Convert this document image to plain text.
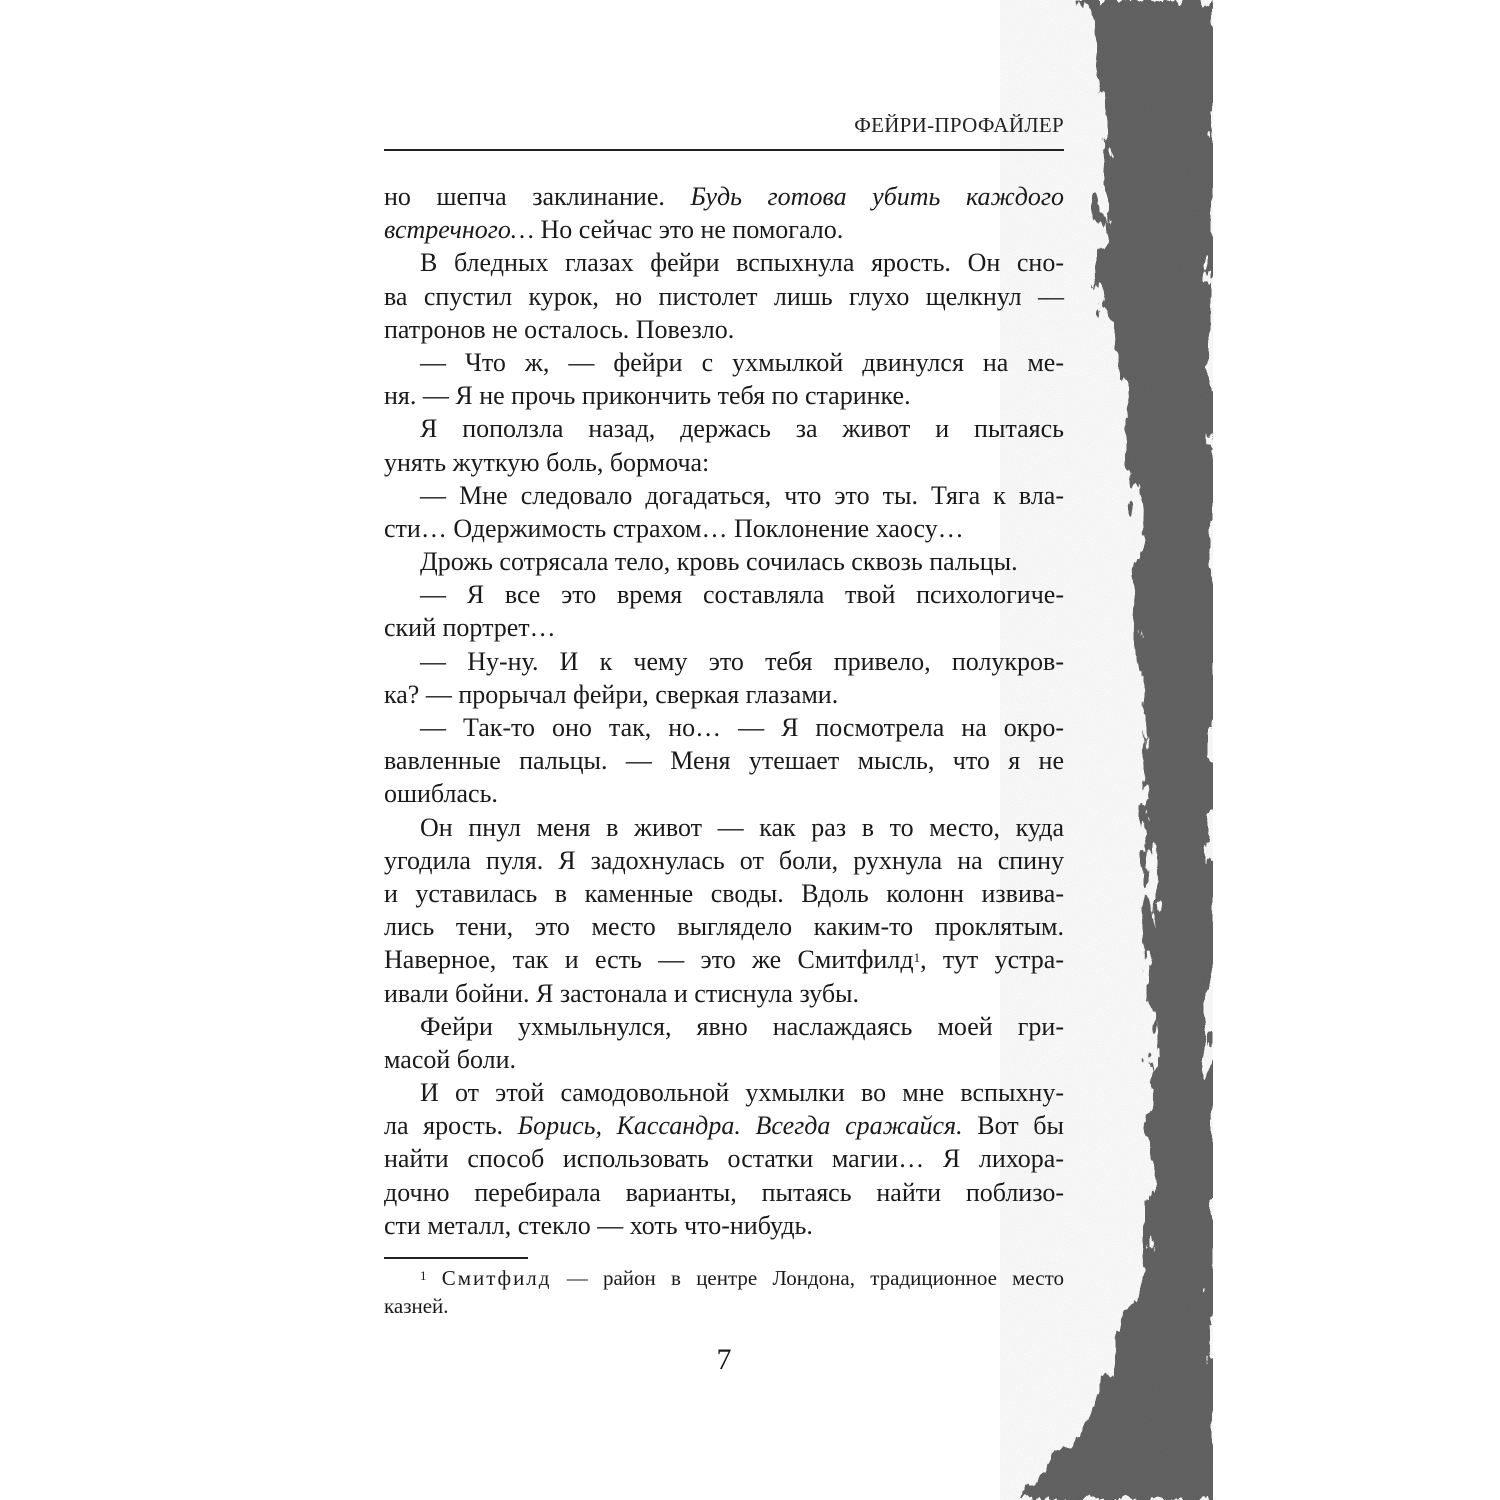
ФЕЙРИ-ПРОФАЙЛЕР
но шепча заклинание. Будь готова убить каждого
встречного… Но сейчас это не помогало.
В бледных глазах фейри вспыхнула ярость. Он сно-
ва спустил курок, но пистолет лишь глухо щелкнул —
патронов не осталось. Повезло.
— Что ж, — фейри с ухмылкой двинулся на ме-
ня. — Я не прочь прикончить тебя по старинке.
Я поползла назад, держась за живот и пытаясь
унять жуткую боль, бормоча:
— Мне следовало догадаться, что это ты. Тяга к вла-
сти… Одержимость страхом… Поклонение хаосу…
Дрожь сотрясала тело, кровь сочилась сквозь пальцы.
— Я все это время составляла твой психологиче-
ский портрет…
— Ну-ну. И к чему это тебя привело, полукров-
ка? — прорычал фейри, сверкая глазами.
— Так-то оно так, но… — Я посмотрела на окро-
вавленные пальцы. — Меня утешает мысль, что я не
ошиблась.
Он пнул меня в живот — как раз в то место, куда
угодила пуля. Я задохнулась от боли, рухнула на спину
и уставилась в каменные своды. Вдоль колонн извива-
лись тени, это место выглядело каким-то проклятым.
Наверное, так и есть — это же Смитфилд$^1$, тут устра-
ивали бойни. Я застонала и стиснула зубы.
Фейри ухмыльнулся, явно наслаждаясь моей гри-
масой боли.
И от этой самодовольной ухмылки во мне вспыхну-
ла ярость. Борись, Кассандра. Всегда сражайся. Вот бы
найти способ использовать остатки магии… Я лихора-
дочно перебирала варианты, пытаясь найти поблизо-
сти металл, стекло — хоть что-нибудь.
$^1$ Смитфилд — район в центре Лондона, традиционное место
казней.
7
